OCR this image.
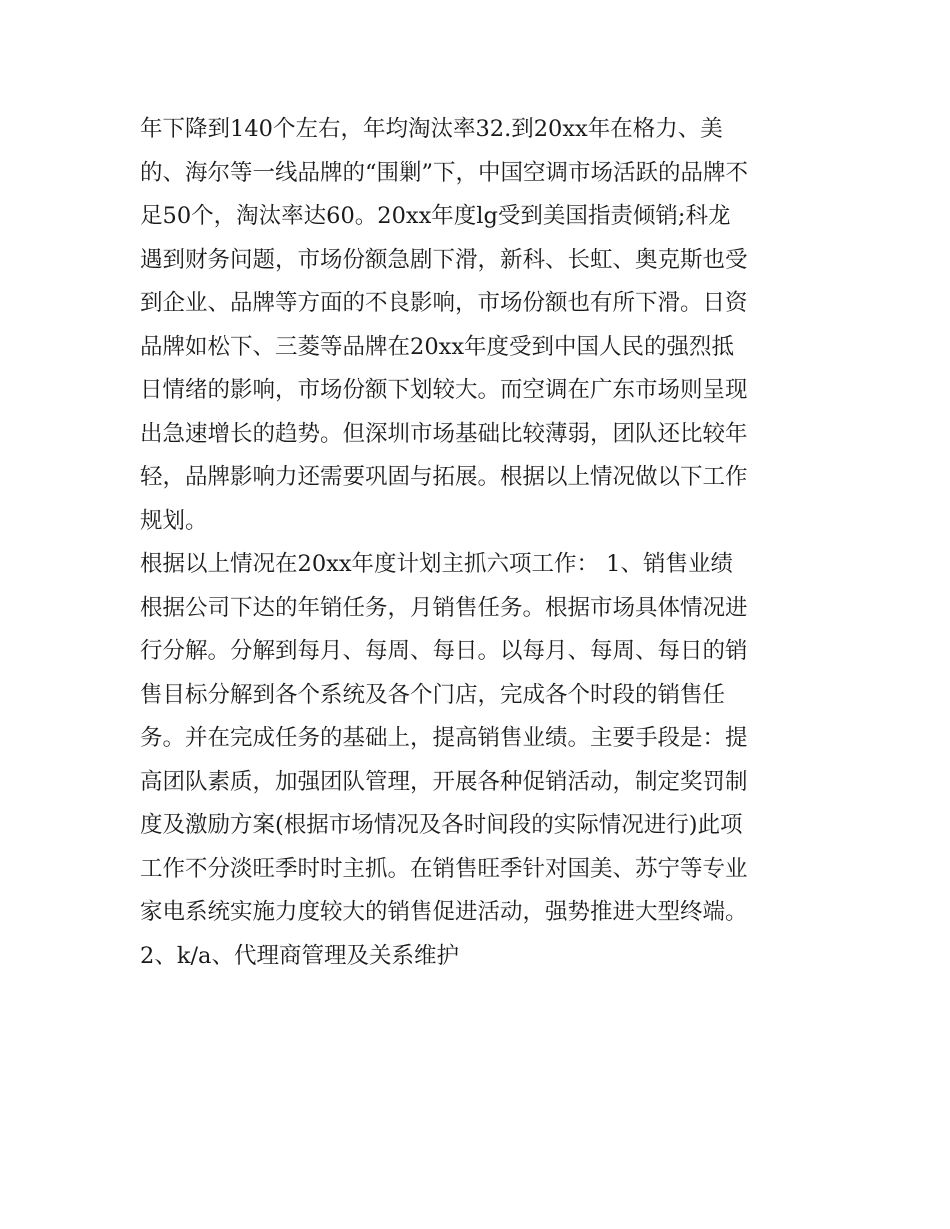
年下降到140个左右，年均淘汰率32.到20xx年在格力、美
的、海尔等一线品牌的“围剿”下，中国空调市场活跃的品牌不
足50个，淘汰率达60。20xx年度lg受到美国指责倾销;科龙
遇到财务问题，市场份额急剧下滑，新科、长虹、奥克斯也受
到企业、品牌等方面的不良影响，市场份额也有所下滑。日资
品牌如松下、三菱等品牌在20xx年度受到中国人民的强烈抵
日情绪的影响，市场份额下划较大。而空调在广东市场则呈现
出急速增长的趋势。但深圳市场基础比较薄弱，团队还比较年
轻，品牌影响力还需要巩固与拓展。根据以上情况做以下工作
规划。
根据以上情况在20xx年度计划主抓六项工作： 1、销售业绩
根据公司下达的年销任务，月销售任务。根据市场具体情况进
行分解。分解到每月、每周、每日。以每月、每周、每日的销
售目标分解到各个系统及各个门店，完成各个时段的销售任
务。并在完成任务的基础上，提高销售业绩。主要手段是：提
高团队素质，加强团队管理，开展各种促销活动，制定奖罚制
度及激励方案(根据市场情况及各时间段的实际情况进行)此项
工作不分淡旺季时时主抓。在销售旺季针对国美、苏宁等专业
家电系统实施力度较大的销售促进活动，强势推进大型终端。
2、k/a、代理商管理及关系维护
